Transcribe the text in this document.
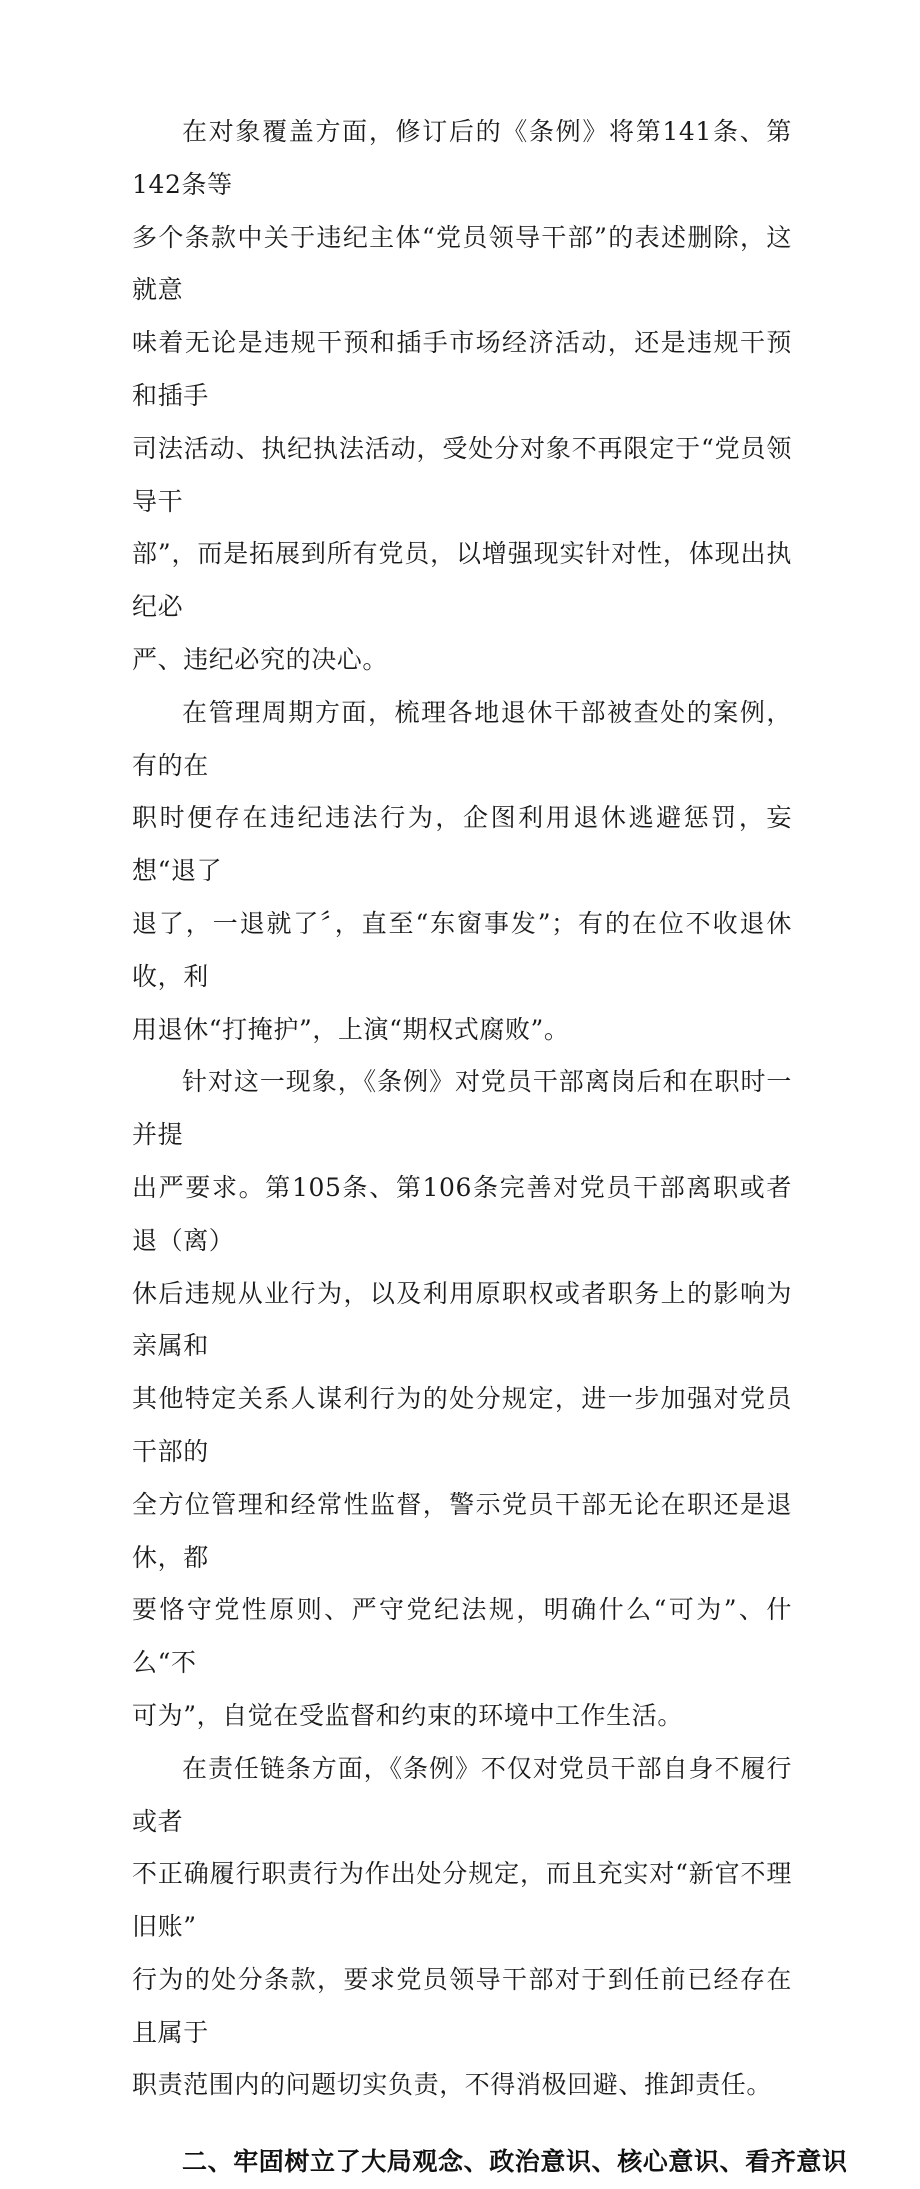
在对象覆盖方面，修订后的《条例》将第141条、第142条等
多个条款中关于违纪主体“党员领导干部”的表述删除，这就意
味着无论是违规干预和插手市场经济活动，还是违规干预和插手
司法活动、执纪执法活动，受处分对象不再限定于“党员领导干
部”，而是拓展到所有党员，以增强现实针对性，体现出执纪必
严、违纪必究的决心。

在管理周期方面，梳理各地退休干部被查处的案例，有的在
职时便存在违纪违法行为，企图利用退休逃避惩罚，妄想“退了
退了，一退就了〞，直至“东窗事发”；有的在位不收退休收，利
用退休“打掩护”，上演“期权式腐败”。

针对这一现象，《条例》对党员干部离岗后和在职时一并提
出严要求。第105条、第106条完善对党员干部离职或者退（离）
休后违规从业行为，以及利用原职权或者职务上的影响为亲属和
其他特定关系人谋利行为的处分规定，进一步加强对党员干部的
全方位管理和经常性监督，警示党员干部无论在职还是退休，都
要恪守党性原则、严守党纪法规，明确什么“可为”、什么“不
可为”，自觉在受监督和约束的环境中工作生活。

在责任链条方面，《条例》不仅对党员干部自身不履行或者
不正确履行职责行为作出处分规定，而且充实对“新官不理旧账”
行为的处分条款，要求党员领导干部对于到任前已经存在且属于
职责范围内的问题切实负责，不得消极回避、推卸责任。

二、牢固树立了大局观念、政治意识、核心意识、看齐意识
